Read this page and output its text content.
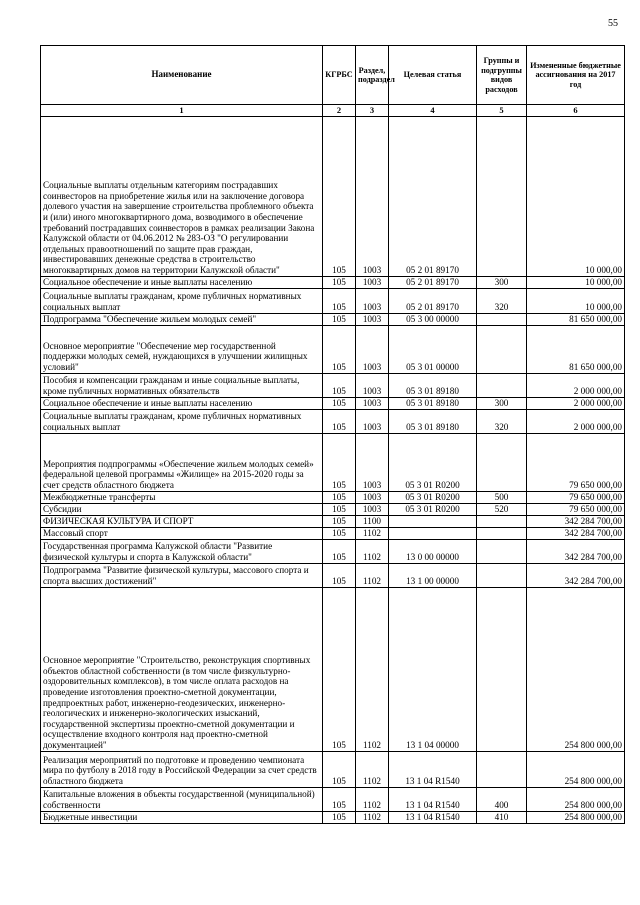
55
Наименование	КГРБС	Раздел, подраздел	Целевая статья	Группы и подгруппы видов расходов	Измененные бюджетные ассигнования на 2017 год
1	2	3	4	5	6
Социальные выплаты отдельным категориям пострадавших соинвесторов на приобретение жилья или на заключение договора долевого участия на завершение строительства проблемного объекта и (или) иного многоквартирного дома, возводимого в обеспечение требований пострадавших соинвесторов в рамках реализации Закона Калужской области от 04.06.2012 № 283-ОЗ "О регулировании отдельных правоотношений по защите прав граждан, инвестировавших денежные средства в строительство многоквартирных домов на территории Калужской области"	105	1003	05 2 01 89170		10 000,00
Социальное обеспечение и иные выплаты населению	105	1003	05 2 01 89170	300	10 000,00
Социальные выплаты гражданам, кроме публичных нормативных социальных выплат	105	1003	05 2 01 89170	320	10 000,00
Подпрограмма "Обеспечение жильем молодых семей"	105	1003	05 3 00 00000		81 650 000,00
Основное мероприятие "Обеспечение мер государственной поддержки молодых семей, нуждающихся в улучшении жилищных условий"	105	1003	05 3 01 00000		81 650 000,00
Пособия и компенсации гражданам и иные социальные выплаты, кроме публичных нормативных обязательств	105	1003	05 3 01 89180		2 000 000,00
Социальное обеспечение и иные выплаты населению	105	1003	05 3 01 89180	300	2 000 000,00
Социальные выплаты гражданам, кроме публичных нормативных социальных выплат	105	1003	05 3 01 89180	320	2 000 000,00
Мероприятия подпрограммы «Обеспечение жильем молодых семей» федеральной целевой программы «Жилище» на 2015-2020 годы за счет средств областного бюджета	105	1003	05 3 01 R0200		79 650 000,00
Межбюджетные трансферты	105	1003	05 3 01 R0200	500	79 650 000,00
Субсидии	105	1003	05 3 01 R0200	520	79 650 000,00
ФИЗИЧЕСКАЯ КУЛЬТУРА И СПОРТ	105	1100			342 284 700,00
Массовый спорт	105	1102			342 284 700,00
Государственная программа Калужской области "Развитие физической культуры и спорта в Калужской области"	105	1102	13 0 00 00000		342 284 700,00
Подпрограмма "Развитие физической культуры, массового спорта и спорта высших достижений"	105	1102	13 1 00 00000		342 284 700,00
Основное мероприятие "Строительство, реконструкция спортивных объектов областной собственности (в том числе физкультурно-оздоровительных комплексов), в том числе оплата расходов на проведение изготовления проектно-сметной документации, предпроектных работ, инженерно-геодезических, инженерно-геологических и инженерно-экологических изысканий, государственной экспертизы проектно-сметной документации и осуществление входного контроля над проектно-сметной документацией"	105	1102	13 1 04 00000		254 800 000,00
Реализация мероприятий по подготовке и проведению чемпионата мира по футболу в 2018 году в Российской Федерации за счет средств областного бюджета	105	1102	13 1 04 R1540		254 800 000,00
Капитальные вложения в объекты государственной (муниципальной) собственности	105	1102	13 1 04 R1540	400	254 800 000,00
Бюджетные инвестиции	105	1102	13 1 04 R1540	410	254 800 000,00
